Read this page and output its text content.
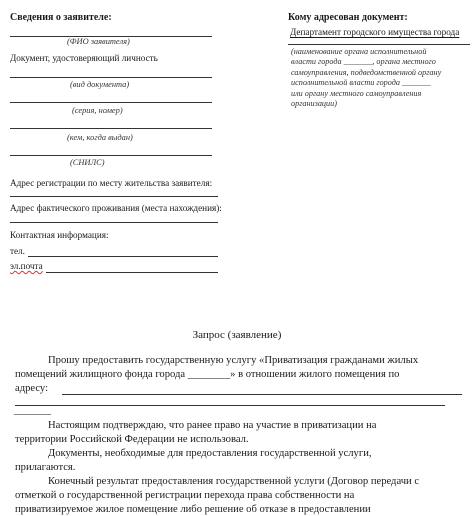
Сведения о заявителе:
(ФИО заявителя)
Документ, удостоверяющий личность
(вид документа)
(серия, номер)
(кем, когда выдан)
(СНИЛС)
Адрес регистрации по месту жительства заявителя:
Адрес фактического проживания (места нахождения):
Контактная информация:
тел.
эл.почта
Кому адресован документ:
Департамент городского имущества города
(наименование органа исполнительной
власти города _______, органа местного
самоуправления, подведомственной органу
исполнительной власти города _______
или органу местного самоуправления
организации)
Запрос (заявление)
Прошу предоставить государственную услугу «Приватизация гражданами жилых
помещений жилищного фонда города ________» в отношении жилого помещения по
адресу:
_______
Настоящим подтверждаю, что ранее право на участие в приватизации на
территории Российской Федерации не использовал.
Документы, необходимые для предоставления государственной услуги,
прилагаются.
Конечный результат предоставления государственной услуги (Договор передачи с
отметкой о государственной регистрации перехода права собственности на
приватизируемое жилое помещение либо решение об отказе в предоставлении
